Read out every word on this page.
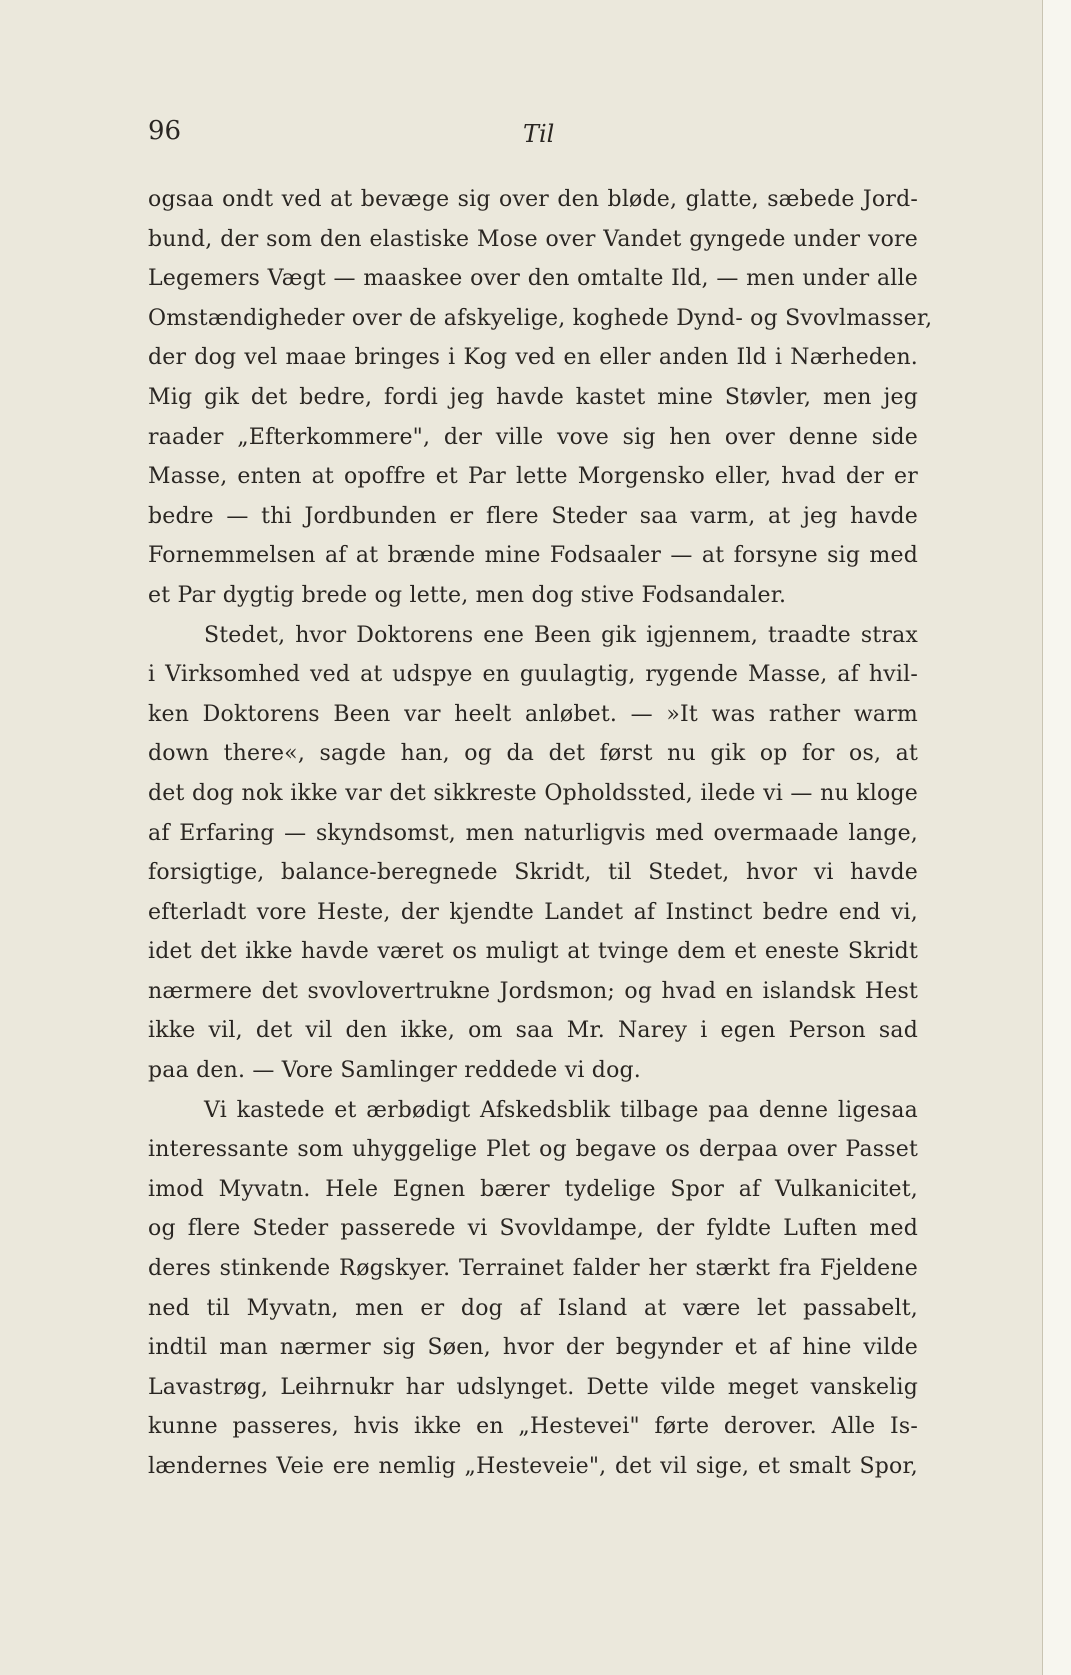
96	Til
ogsaa ondt ved at bevæge sig over den bløde, glatte, sæbede Jord-
bund, der som den elastiske Mose over Vandet gyngede under vore
Legemers Vægt — maaskee over den omtalte Ild, — men under alle
Omstændigheder over de afskyelige, koghede Dynd- og Svovlmasser,
der dog vel maae bringes i Kog ved en eller anden Ild i Nærheden.
Mig gik det bedre, fordi jeg havde kastet mine Støvler, men jeg
raader „Efterkommere", der ville vove sig hen over denne side
Masse, enten at opoffre et Par lette Morgensko eller, hvad der er
bedre — thi Jordbunden er flere Steder saa varm, at jeg havde
Fornemmelsen af at brænde mine Fodsaaler — at forsyne sig med
et Par dygtig brede og lette, men dog stive Fodsandaler.
Stedet, hvor Doktorens ene Been gik igjennem, traadte strax
i Virksomhed ved at udspye en guulagtig, rygende Masse, af hvil-
ken Doktorens Been var heelt anløbet. — »It was rather warm
down there«, sagde han, og da det først nu gik op for os, at
det dog nok ikke var det sikkreste Opholdssted, ilede vi — nu kloge
af Erfaring — skyndsomst, men naturligvis med overmaade lange,
forsigtige, balance-beregnede Skridt, til Stedet, hvor vi havde
efterladt vore Heste, der kjendte Landet af Instinct bedre end vi,
idet det ikke havde været os muligt at tvinge dem et eneste Skridt
nærmere det svovlovertrukne Jordsmon; og hvad en islandsk Hest
ikke vil, det vil den ikke, om saa Mr. Narey i egen Person sad
paa den. — Vore Samlinger reddede vi dog.
Vi kastede et ærbødigt Afskedsblik tilbage paa denne ligesaa
interessante som uhyggelige Plet og begave os derpaa over Passet
imod Myvatn. Hele Egnen bærer tydelige Spor af Vulkanicitet,
og flere Steder passerede vi Svovldampe, der fyldte Luften med
deres stinkende Røgskyer. Terrainet falder her stærkt fra Fjeldene
ned til Myvatn, men er dog af Island at være let passabelt,
indtil man nærmer sig Søen, hvor der begynder et af hine vilde
Lavastrøg, Leihrnukr har udslynget. Dette vilde meget vanskelig
kunne passeres, hvis ikke en „Hestevei" førte derover. Alle Is-
lændernes Veie ere nemlig „Hesteveie", det vil sige, et smalt Spor,
